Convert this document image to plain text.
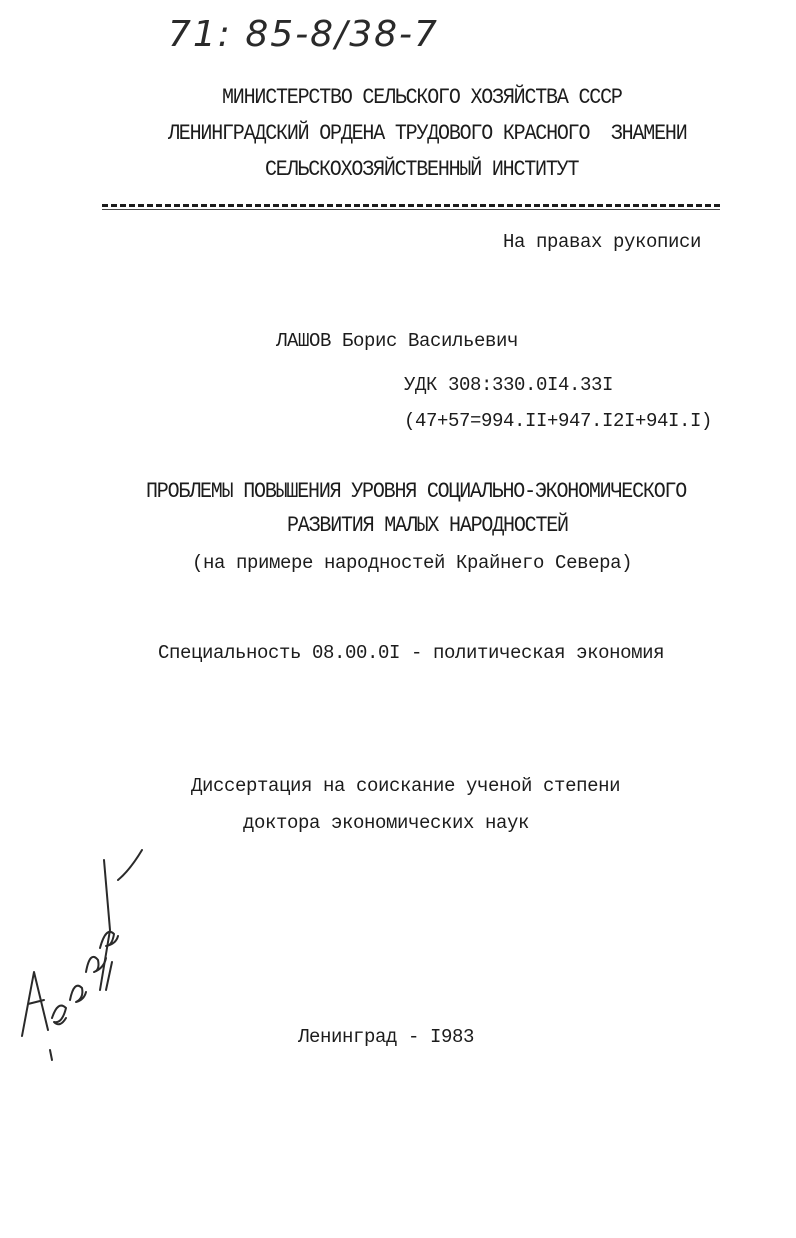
71: 85-8/38-7
МИНИСТЕРСТВО СЕЛЬСКОГО ХОЗЯЙСТВА СССР
ЛЕНИНГРАДСКИЙ ОРДЕНА ТРУДОВОГО КРАСНОГО  ЗНАМЕНИ
СЕЛЬСКОХОЗЯЙСТВЕННЫЙ ИНСТИТУТ
На правах рукописи
ЛАШОВ Борис Васильевич
УДК 308:330.0I4.33I
(47+57=994.II+947.I2I+94I.I)
ПРОБЛЕМЫ ПОВЫШЕНИЯ УРОВНЯ СОЦИАЛЬНО-ЭКОНОМИЧЕСКОГО
РАЗВИТИЯ МАЛЫХ НАРОДНОСТЕЙ
(на примере народностей Крайнего Севера)
Специальность 08.00.0I - политическая экономия
Диссертация на соискание ученой степени
доктора экономических наук
Ленинград - I983
